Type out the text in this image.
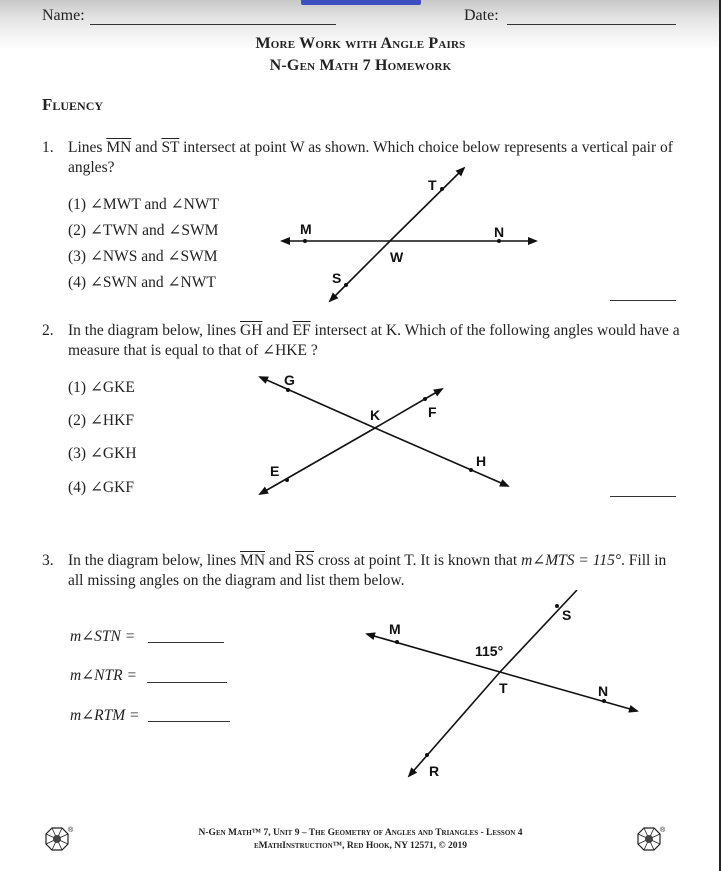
Name:	Date:
More Work with Angle Pairs
N-Gen Math 7 Homework
Fluency
1. Lines $\overline{MN}$ and $\overline{ST}$ intersect at point W as shown. Which choice below represents a vertical pair of angles?
(1) ∠MWT and ∠NWT
(2) ∠TWN and ∠SWM
(3) ∠NWS and ∠SWM
(4) ∠SWN and ∠NWT
M	N
T
S
W
2. In the diagram below, lines $\overline{GH}$ and $\overline{EF}$ intersect at K. Which of the following angles would have a measure that is equal to that of ∠HKE ?
(1) ∠GKE
(2) ∠HKF
(3) ∠GKH
(4) ∠GKF
G
K	F
H
E
3. In the diagram below, lines $\overline{MN}$ and $\overline{RS}$ cross at point T. It is known that m∠MTS = 115°. Fill in all missing angles on the diagram and list them below.
m∠STN =
m∠NTR =
m∠RTM =
M
S
115°
T	N
R
N-Gen Math™ 7, Unit 9 – The Geometry of Angles and Triangles - Lesson 4
eMathInstruction™, Red Hook, NY 12571, © 2019
®	®
